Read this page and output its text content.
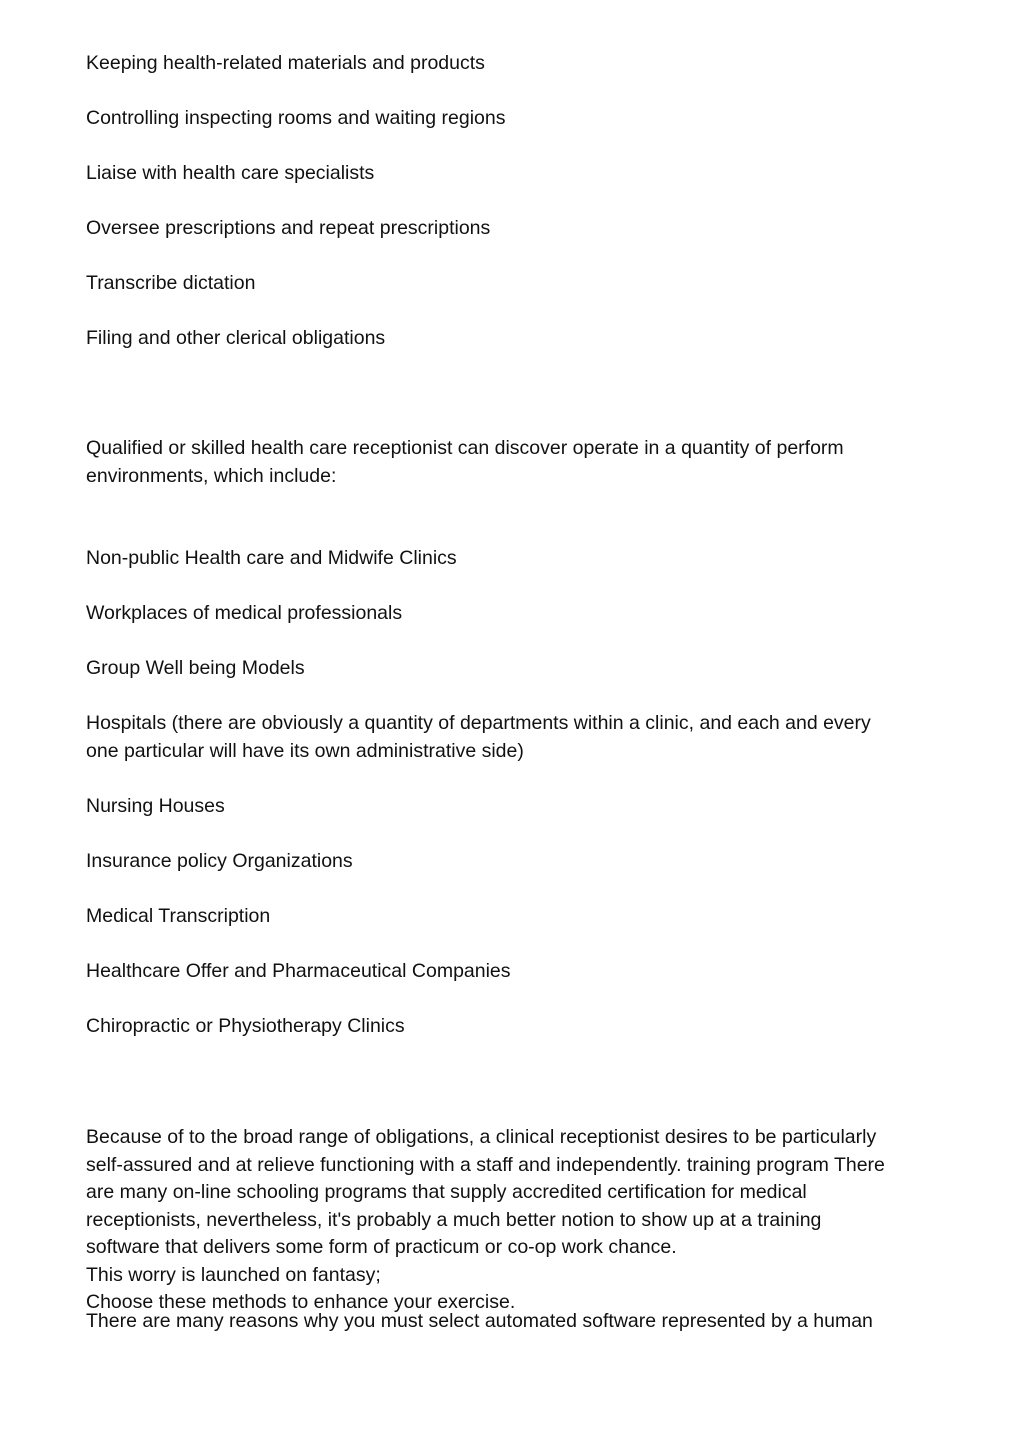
Keeping health-related materials and products
Controlling inspecting rooms and waiting regions
Liaise with health care specialists
Oversee prescriptions and repeat prescriptions
Transcribe dictation
Filing and other clerical obligations
Qualified or skilled health care receptionist can discover operate in a quantity of perform
environments, which include:
Non-public Health care and Midwife Clinics
Workplaces of medical professionals
Group Well being Models
Hospitals (there are obviously a quantity of departments within a clinic, and each and every
one particular will have its own administrative side)
Nursing Houses
Insurance policy Organizations
Medical Transcription
Healthcare Offer and Pharmaceutical Companies
Chiropractic or Physiotherapy Clinics
Because of to the broad range of obligations, a clinical receptionist desires to be particularly
self-assured and at relieve functioning with a staff and independently. training program There
are many on-line schooling programs that supply accredited certification for medical
receptionists, nevertheless, it's probably a much better notion to show up at a training
software that delivers some form of practicum or co-op work chance.
This worry is launched on fantasy;
Choose these methods to enhance your exercise.
There are many reasons why you must select automated software represented by a human
